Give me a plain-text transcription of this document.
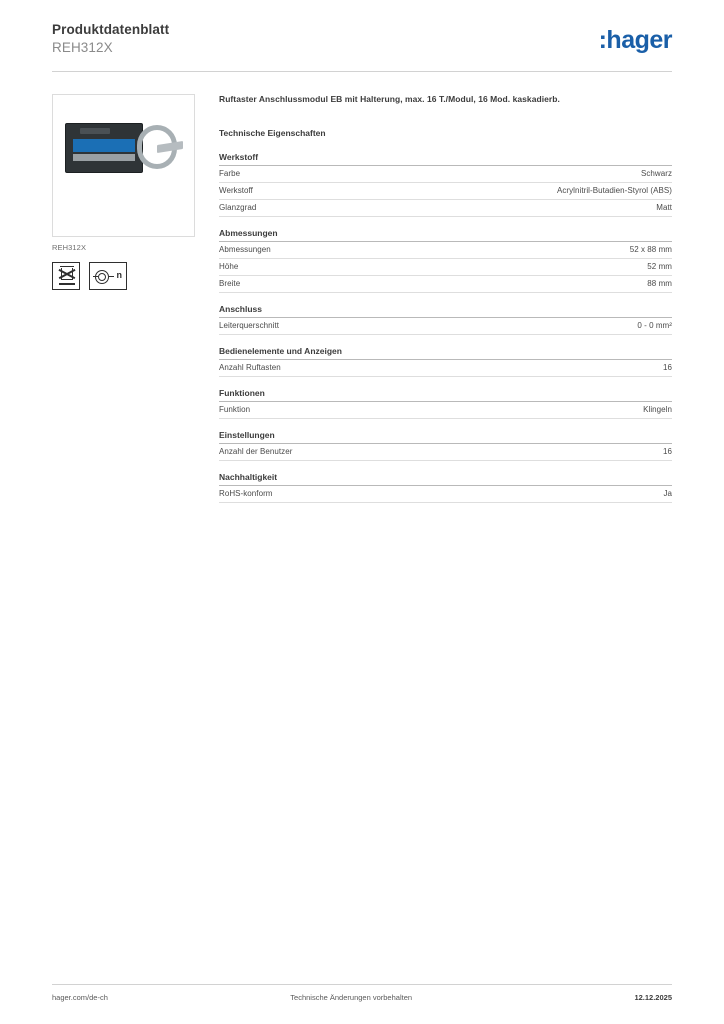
Produktdatenblatt
REH312X	:hager
REH312X
n
Ruftaster Anschlussmodul EB mit Halterung, max. 16 T./Modul, 16 Mod. kaskadierb.
Technische Eigenschaften
Werkstoff
Farbe	Schwarz
Werkstoff	Acrylnitril-Butadien-Styrol (ABS)
Glanzgrad	Matt
Abmessungen
Abmessungen	52 x 88 mm
Höhe	52 mm
Breite	88 mm
Anschluss
Leiterquerschnitt	0 - 0 mm²
Bedienelemente und Anzeigen
Anzahl Ruftasten	16
Funktionen
Funktion	Klingeln
Einstellungen
Anzahl der Benutzer	16
Nachhaltigkeit
RoHS-konform	Ja
hager.com/de-ch	Technische Änderungen vorbehalten	12.12.2025
